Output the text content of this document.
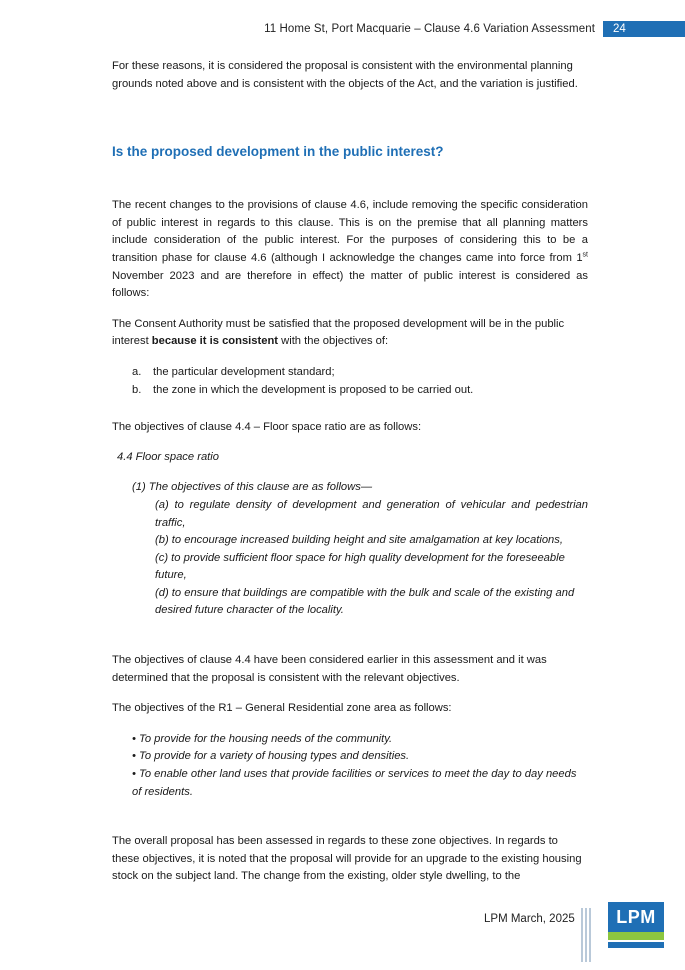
11 Home St, Port Macquarie – Clause 4.6 Variation Assessment	24

For these reasons, it is considered the proposal is consistent with the environmental planning grounds noted above and is consistent with the objects of the Act, and the variation is justified.

Is the proposed development in the public interest?

The recent changes to the provisions of clause 4.6, include removing the specific consideration of public interest in regards to this clause. This is on the premise that all planning matters include consideration of the public interest. For the purposes of considering this to be a transition phase for clause 4.6 (although I acknowledge the changes came into force from 1st November 2023 and are therefore in effect) the matter of public interest is considered as follows:

The Consent Authority must be satisfied that the proposed development will be in the public interest because it is consistent with the objectives of:

a.	the particular development standard;
b.	the zone in which the development is proposed to be carried out.

The objectives of clause 4.4 – Floor space ratio are as follows:

4.4 Floor space ratio

(1) The objectives of this clause are as follows—

(a) to regulate density of development and generation of vehicular and pedestrian traffic,

(b) to encourage increased building height and site amalgamation at key locations,

(c) to provide sufficient floor space for high quality development for the foreseeable future,

(d) to ensure that buildings are compatible with the bulk and scale of the existing and desired future character of the locality.

The objectives of clause 4.4 have been considered earlier in this assessment and it was determined that the proposal is consistent with the relevant objectives.

The objectives of the R1 – General Residential zone area as follows:

• To provide for the housing needs of the community.
• To provide for a variety of housing types and densities.
• To enable other land uses that provide facilities or services to meet the day to day needs of residents.

The overall proposal has been assessed in regards to these zone objectives. In regards to these objectives, it is noted that the proposal will provide for an upgrade to the existing housing stock on the subject land. The change from the existing, older style dwelling, to the

LPM March, 2025	LPM
